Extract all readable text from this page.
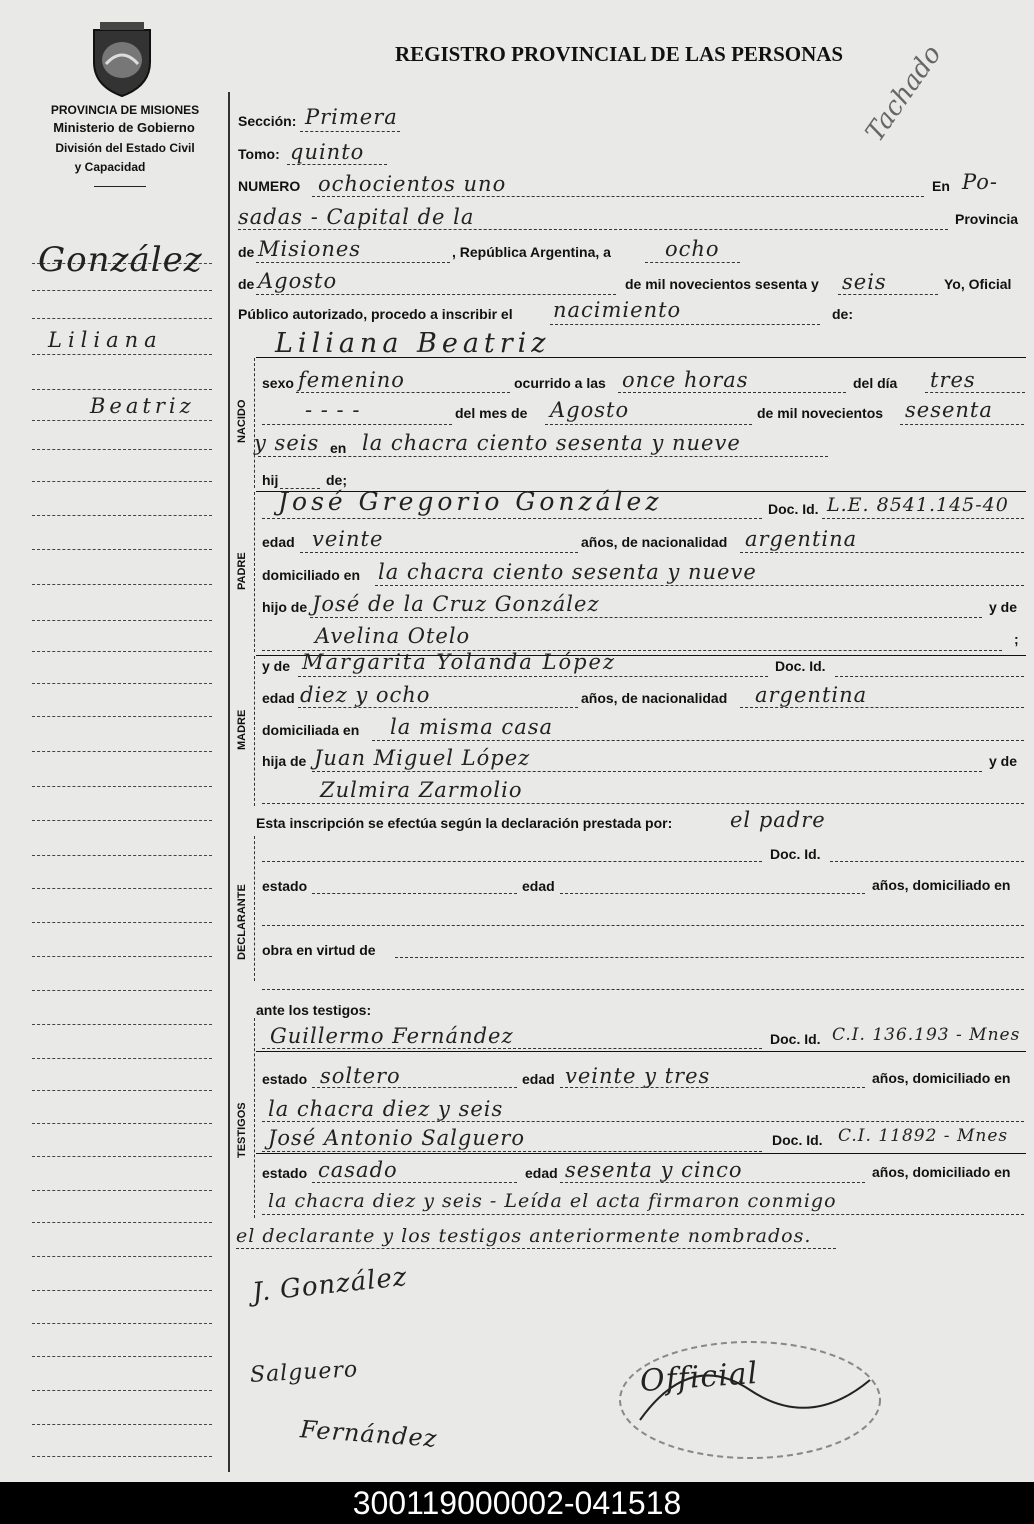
PROVINCIA DE MISIONES
Ministerio de Gobierno
División del Estado Civil
y Capacidad
REGISTRO PROVINCIAL DE LAS PERSONAS Tachado
González
Liliana
Beatriz
Sección: Primera
Tomo: quinto
NUMERO ochocientos uno	En Po-
sadas - Capital de la	Provincia
de Misiones	, República Argentina, a	ocho
de Agosto	de mil novecientos sesenta y seis	Yo, Oficial
Público autorizado, procedo a inscribir el nacimiento	de:
Liliana Beatriz
NACIDO
sexo femenino	ocurrido a las once horas	del día tres
- - - -	del mes de Agosto	de mil novecientos sesenta
y seis en la chacra ciento sesenta y nueve
hij	de;
PADRE
José Gregorio González	Doc. Id. L.E. 8541.145-40
edad veinte	años, de nacionalidad argentina
domiciliado en la chacra ciento sesenta y nueve
hijo de José de la Cruz González	y de
Avelina Otelo	;
MADRE
y de Margarita Yolanda López	Doc. Id.
edad diez y ocho	años, de nacionalidad argentina
domiciliada en la misma casa
hija de Juan Miguel López	y de
Zulmira Zarmolio
Esta inscripción se efectúa según la declaración prestada por:	el padre
DECLARANTE
Doc. Id.
estado	edad	años, domiciliado en
obra en virtud de
ante los testigos:
TESTIGOS
Guillermo Fernández	Doc. Id. C.I. 136.193 - Mnes
estado soltero	edad veinte y tres	años, domiciliado en
la chacra diez y seis
José Antonio Salguero	Doc. Id. C.I. 11892 - Mnes
estado casado	edad sesenta y cinco	años, domiciliado en
la chacra diez y seis - Leída el acta firmaron conmigo
el declarante y los testigos anteriormente nombrados.
J. González
Fernández
Salguero	Official
300119000002-041518
